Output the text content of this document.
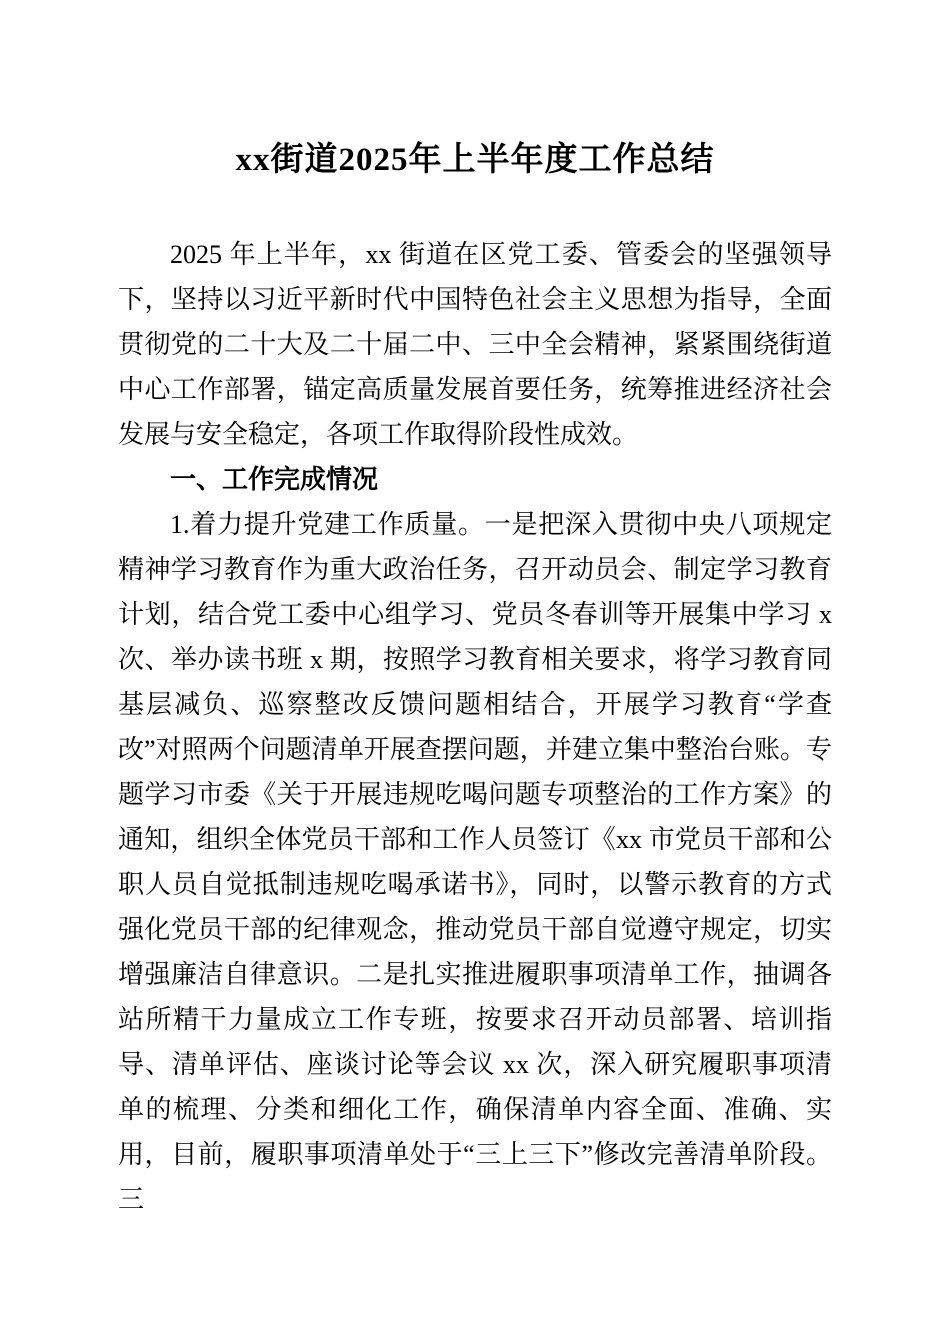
xx街道2025年上半年度工作总结

2025 年上半年，xx 街道在区党工委、管委会的坚强领导下，坚持以习近平新时代中国特色社会主义思想为指导，全面贯彻党的二十大及二十届二中、三中全会精神，紧紧围绕街道中心工作部署，锚定高质量发展首要任务，统筹推进经济社会发展与安全稳定，各项工作取得阶段性成效。

一、工作完成情况

1.着力提升党建工作质量。一是把深入贯彻中央八项规定精神学习教育作为重大政治任务，召开动员会、制定学习教育计划，结合党工委中心组学习、党员冬春训等开展集中学习 x 次、举办读书班 x 期，按照学习教育相关要求，将学习教育同基层减负、巡察整改反馈问题相结合，开展学习教育“学查改”对照两个问题清单开展查摆问题，并建立集中整治台账。专题学习市委《关于开展违规吃喝问题专项整治的工作方案》的通知，组织全体党员干部和工作人员签订《xx 市党员干部和公职人员自觉抵制违规吃喝承诺书》，同时，以警示教育的方式强化党员干部的纪律观念，推动党员干部自觉遵守规定，切实增强廉洁自律意识。二是扎实推进履职事项清单工作，抽调各站所精干力量成立工作专班，按要求召开动员部署、培训指导、清单评估、座谈讨论等会议 xx 次，深入研究履职事项清单的梳理、分类和细化工作，确保清单内容全面、准确、实用，目前，履职事项清单处于“三上三下”修改完善清单阶段。三
